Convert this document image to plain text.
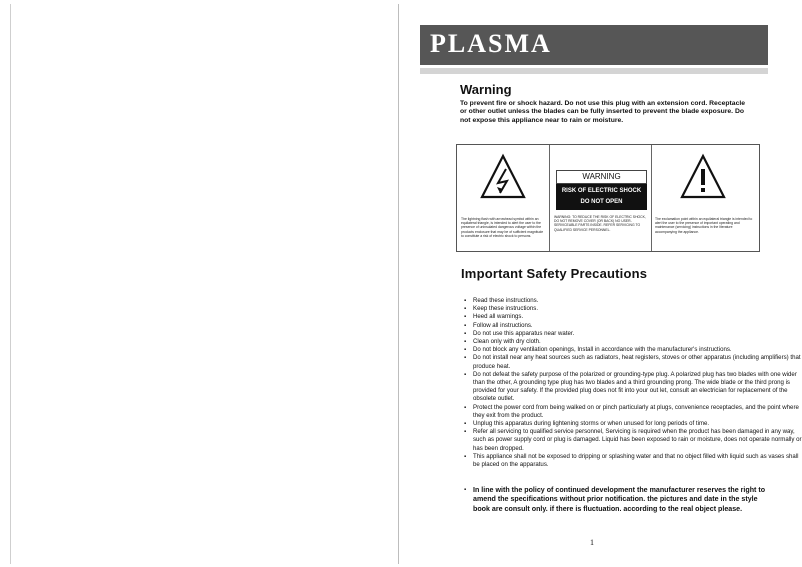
PLASMA
Warning

To prevent fire or shock hazard. Do not use this plug with an extension cord. Receptacle or other outlet unless the blades can be fully inserted to prevent the blade exposure. Do not expose this appliance near to rain or moisture.

The lightning flash with arrowhead symbol within an equilateral triangle, is intended to alert the user to the presence of uninsulated dangerous voltage within the products enclosure that may be of sufficient magnitude to constitute a risk of electric shock to persons.

WARNING
RISK OF ELECTRIC SHOCK
DO NOT OPEN

WARNING: TO REDUCE THE RISK OF ELECTRIC SHOCK, DO NOT REMOVE COVER (OR BACK) NO USER-SERVICEABLE PARTS INSIDE. REFER SERVICING TO QUALIFIED SERVICE PERSONNEL.

The exclamation point within an equilateral triangle is intended to alert the user to the presence of important operating and maintenance (servicing) instructions in the literature accompanying the appliance.

Important Safety Precautions
▪ Read these instructions.
▪ Keep these instructions.
▪ Heed all warnings.
▪ Follow all instructions.
▪ Do not use this apparatus near water.
▪ Clean only with dry cloth.
▪ Do not block any ventilation openings, Install in accordance with the manufacturer's instructions.
▪ Do not install near any heat sources such as radiators, heat registers, stoves or other apparatus (including amplifiers) that produce heat.
▪ Do not defeat the safety purpose of the polarized or grounding-type plug. A polarized plug has two blades with one wider than the other, A grounding type plug has two blades and a third grounding prong. The wide blade or the third prong is provided for your safety. If the provided plug does not fit into your out let, consult an electrician for replacement of the obsolete outlet.
▪ Protect the power cord from being walked on or pinch particularly at plugs, convenience receptacles, and the point where they exit from the product.
▪ Unplug this apparatus during lightening storms or when unused for long periods of time.
▪ Refer all servicing to qualified service personnel, Servicing is required when the product has been damaged in any way, such as power supply cord or plug is damaged. Liquid has been exposed to rain or moisture, does not operate normally or has been dropped.
▪ This appliance shall not be exposed to dripping or splashing water and that no object filled with liquid such as vases shall be placed on the apparatus.

▪ In line with the policy of continued development the manufacturer reserves the right to amend the specifications without prior notification. the pictures and date in the style book are consult only. if there is fluctuation. according to the real object please.

1
